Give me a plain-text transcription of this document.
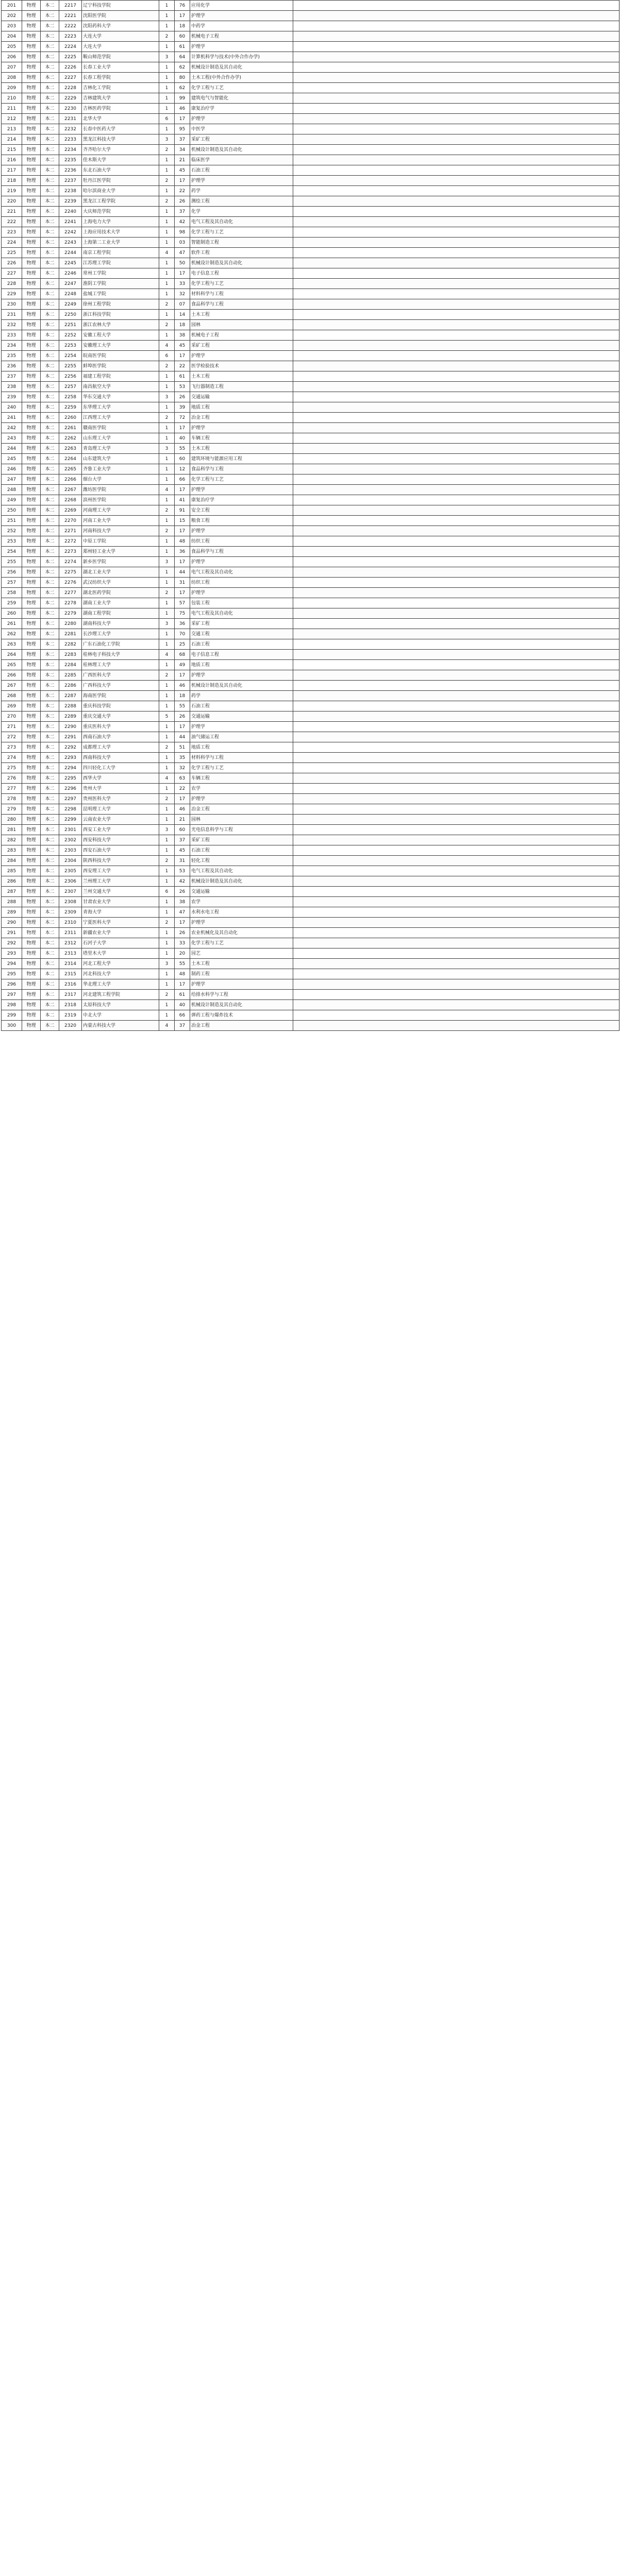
201	物理	本二	2217	辽宁科技学院	1	76	应用化学	
202	物理	本二	2221	沈阳医学院	1	17	护理学	
203	物理	本二	2222	沈阳药科大学	1	18	中药学	
204	物理	本二	2223	大连大学	2	60	机械电子工程	
205	物理	本二	2224	大连大学	1	61	护理学	
206	物理	本二	2225	鞍山师范学院	3	64	计算机科学与技术(中外合作办学)	
207	物理	本二	2226	长春工业大学	1	62	机械设计制造及其自动化	
208	物理	本二	2227	长春工程学院	1	80	土木工程(中外合作办学)	
209	物理	本二	2228	吉林化工学院	1	62	化学工程与工艺	
210	物理	本二	2229	吉林建筑大学	1	99	建筑电气与智能化	
211	物理	本二	2230	吉林医药学院	1	46	康复治疗学	
212	物理	本二	2231	北华大学	6	17	护理学	
213	物理	本二	2232	长春中医药大学	1	95	中医学	
214	物理	本二	2233	黑龙江科技大学	3	37	采矿工程	
215	物理	本二	2234	齐齐哈尔大学	2	34	机械设计制造及其自动化	
216	物理	本二	2235	佳木斯大学	1	21	临床医学	
217	物理	本二	2236	东北石油大学	1	45	石油工程	
218	物理	本二	2237	牡丹江医学院	2	17	护理学	
219	物理	本二	2238	哈尔滨商业大学	1	22	药学	
220	物理	本二	2239	黑龙江工程学院	2	26	测绘工程	
221	物理	本二	2240	大庆师范学院	1	37	化学	
222	物理	本二	2241	上海电力大学	1	42	电气工程及其自动化	
223	物理	本二	2242	上海应用技术大学	1	98	化学工程与工艺	
224	物理	本二	2243	上海第二工业大学	1	03	智能制造工程	
225	物理	本二	2244	南京工程学院	4	47	软件工程	
226	物理	本二	2245	江苏理工学院	1	50	机械设计制造及其自动化	
227	物理	本二	2246	常州工学院	1	17	电子信息工程	
228	物理	本二	2247	淮阴工学院	1	33	化学工程与工艺	
229	物理	本二	2248	盐城工学院	1	32	材料科学与工程	
230	物理	本二	2249	徐州工程学院	2	07	食品科学与工程	
231	物理	本二	2250	浙江科技学院	1	14	土木工程	
232	物理	本二	2251	浙江农林大学	2	18	园林	
233	物理	本二	2252	安徽工程大学	1	38	机械电子工程	
234	物理	本二	2253	安徽理工大学	4	45	采矿工程	
235	物理	本二	2254	皖南医学院	6	17	护理学	
236	物理	本二	2255	蚌埠医学院	2	22	医学检验技术	
237	物理	本二	2256	福建工程学院	1	61	土木工程	
238	物理	本二	2257	南昌航空大学	1	53	飞行器制造工程	
239	物理	本二	2258	华东交通大学	3	26	交通运输	
240	物理	本二	2259	东华理工大学	1	39	地质工程	
241	物理	本二	2260	江西理工大学	2	72	冶金工程	
242	物理	本二	2261	赣南医学院	1	17	护理学	
243	物理	本二	2262	山东理工大学	1	40	车辆工程	
244	物理	本二	2263	青岛理工大学	3	55	土木工程	
245	物理	本二	2264	山东建筑大学	1	60	建筑环境与能源应用工程	
246	物理	本二	2265	齐鲁工业大学	1	12	食品科学与工程	
247	物理	本二	2266	烟台大学	1	66	化学工程与工艺	
248	物理	本二	2267	潍坊医学院	4	17	护理学	
249	物理	本二	2268	滨州医学院	1	41	康复治疗学	
250	物理	本二	2269	河南理工大学	2	91	安全工程	
251	物理	本二	2270	河南工业大学	1	15	粮食工程	
252	物理	本二	2271	河南科技大学	2	17	护理学	
253	物理	本二	2272	中原工学院	1	48	纺织工程	
254	物理	本二	2273	郑州轻工业大学	1	36	食品科学与工程	
255	物理	本二	2274	新乡医学院	3	17	护理学	
256	物理	本二	2275	湖北工业大学	1	44	电气工程及其自动化	
257	物理	本二	2276	武汉纺织大学	1	31	纺织工程	
258	物理	本二	2277	湖北医药学院	2	17	护理学	
259	物理	本二	2278	湖南工业大学	1	57	包装工程	
260	物理	本二	2279	湖南工程学院	1	75	电气工程及其自动化	
261	物理	本二	2280	湖南科技大学	3	36	采矿工程	
262	物理	本二	2281	长沙理工大学	1	70	交通工程	
263	物理	本二	2282	广东石油化工学院	1	25	石油工程	
264	物理	本二	2283	桂林电子科技大学	4	68	电子信息工程	
265	物理	本二	2284	桂林理工大学	1	49	地质工程	
266	物理	本二	2285	广西医科大学	2	17	护理学	
267	物理	本二	2286	广西科技大学	1	46	机械设计制造及其自动化	
268	物理	本二	2287	海南医学院	1	18	药学	
269	物理	本二	2288	重庆科技学院	1	55	石油工程	
270	物理	本二	2289	重庆交通大学	5	26	交通运输	
271	物理	本二	2290	重庆医科大学	1	17	护理学	
272	物理	本二	2291	西南石油大学	1	44	油气储运工程	
273	物理	本二	2292	成都理工大学	2	51	地质工程	
274	物理	本二	2293	西南科技大学	1	35	材料科学与工程	
275	物理	本二	2294	四川轻化工大学	1	32	化学工程与工艺	
276	物理	本二	2295	西华大学	4	63	车辆工程	
277	物理	本二	2296	贵州大学	1	22	农学	
278	物理	本二	2297	贵州医科大学	2	17	护理学	
279	物理	本二	2298	昆明理工大学	1	46	冶金工程	
280	物理	本二	2299	云南农业大学	1	21	园林	
281	物理	本二	2301	西安工业大学	3	60	光电信息科学与工程	
282	物理	本二	2302	西安科技大学	1	37	采矿工程	
283	物理	本二	2303	西安石油大学	1	45	石油工程	
284	物理	本二	2304	陕西科技大学	2	31	轻化工程	
285	物理	本二	2305	西安理工大学	1	53	电气工程及其自动化	
286	物理	本二	2306	兰州理工大学	1	42	机械设计制造及其自动化	
287	物理	本二	2307	兰州交通大学	6	26	交通运输	
288	物理	本二	2308	甘肃农业大学	1	38	农学	
289	物理	本二	2309	青海大学	1	47	水利水电工程	
290	物理	本二	2310	宁夏医科大学	2	17	护理学	
291	物理	本二	2311	新疆农业大学	1	26	农业机械化及其自动化	
292	物理	本二	2312	石河子大学	1	33	化学工程与工艺	
293	物理	本二	2313	塔里木大学	1	20	园艺	
294	物理	本二	2314	河北工程大学	3	55	土木工程	
295	物理	本二	2315	河北科技大学	1	48	制药工程	
296	物理	本二	2316	华北理工大学	1	17	护理学	
297	物理	本二	2317	河北建筑工程学院	2	61	给排水科学与工程	
298	物理	本二	2318	太原科技大学	1	40	机械设计制造及其自动化	
299	物理	本二	2319	中北大学	1	66	弹药工程与爆炸技术	
300	物理	本二	2320	内蒙古科技大学	4	37	冶金工程	
